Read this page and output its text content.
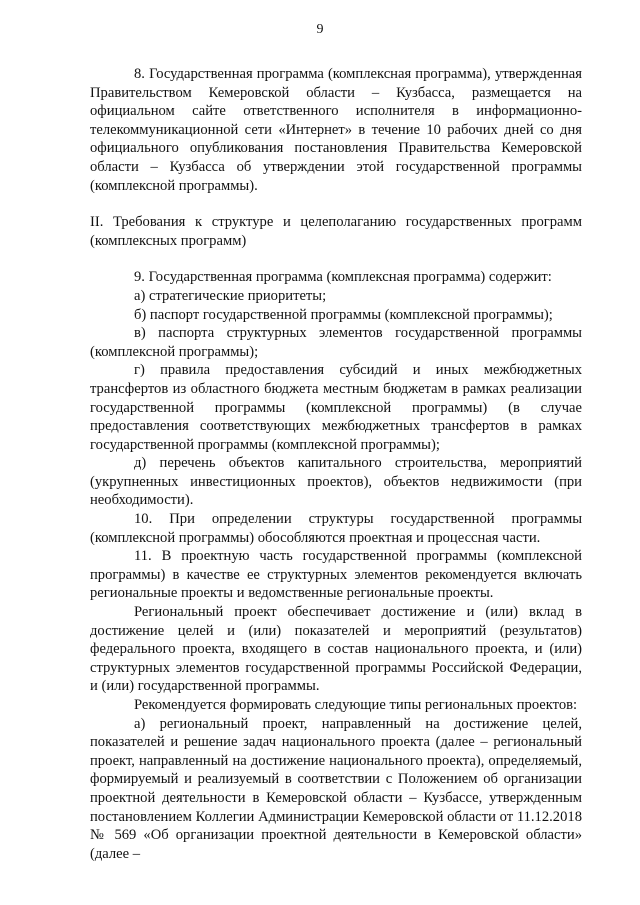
9

8. Государственная программа (комплексная программа), утвержденная Правительством Кемеровской области – Кузбасса, размещается на официальном сайте ответственного исполнителя в информационно-телекоммуникационной сети «Интернет» в течение 10 рабочих дней со дня официального опубликования постановления Правительства Кемеровской области – Кузбасса об утверждении этой государственной программы (комплексной программы).

II. Требования к структуре и целеполаганию государственных программ (комплексных программ)

9. Государственная программа (комплексная программа) содержит:

а) стратегические приоритеты;

б) паспорт государственной программы (комплексной программы);

в) паспорта структурных элементов государственной программы (комплексной программы);

г) правила предоставления субсидий и иных межбюджетных трансфертов из областного бюджета местным бюджетам в рамках реализации государственной программы (комплексной программы) (в случае предоставления соответствующих межбюджетных трансфертов в рамках государственной программы (комплексной программы);

д) перечень объектов капитального строительства, мероприятий (укрупненных инвестиционных проектов), объектов недвижимости (при необходимости).

10. При определении структуры государственной программы (комплексной программы) обособляются проектная и процессная части.

11. В проектную часть государственной программы (комплексной программы) в качестве ее структурных элементов рекомендуется включать региональные проекты и ведомственные региональные проекты.

Региональный проект обеспечивает достижение и (или) вклад в достижение целей и (или) показателей и мероприятий (результатов) федерального проекта, входящего в состав национального проекта, и (или) структурных элементов государственной программы Российской Федерации, и (или) государственной программы.

Рекомендуется формировать следующие типы региональных проектов:

а) региональный проект, направленный на достижение целей, показателей и решение задач национального проекта (далее – региональный проект, направленный на достижение национального проекта), определяемый, формируемый и реализуемый в соответствии с Положением об организации проектной деятельности в Кемеровской области – Кузбассе, утвержденным постановлением Коллегии Администрации Кемеровской области от 11.12.2018 № 569 «Об организации проектной деятельности в Кемеровской области» (далее –
